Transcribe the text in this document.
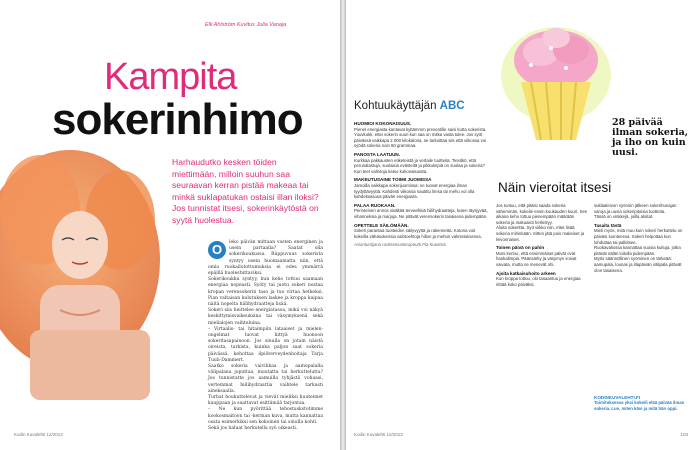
Elli Ahlström Kuvitus Julia Vanaja
Kampita
sokerinhimo
Harhaudutko kesken töiden miettimään, milloin suuhun saa seuraavan kerran pistää makeaa tai minkä suklapatukan ostaisi illan iloksi? Jos tunnistat itsesi, sokerinkäytöstä on syytä huolestua.
O	leko päivän mittaan vasten energinen ja usein partaalla? Saatat olla sokerikoukussa. Riippuvuus sokerista syntyy usein huomaamatta niin, että omia ruokailutottumuksia ei edes ymmärrä epäillä huolestuttaviksi.

Sokerikoukku syntyy, kun keho tottuu saamaan energiaa nopeasti. Syöty tai juotu sokeri nostaa kropan verensokerin taso ja tuo virtaa hetkeksi. Pian valtaisan kulutuksen laskee ja kroppa kaipaa näitä nopeita hiilihydraatteja lisää.

Sokeri siis heittelee energiatasoa, mikä voi näkyä keskittymisvaikeuksina tai väsymyksenä sekä mielialojen vaihteluina.

– Virtaalis- tai hitaimpiin lataaiset ja mielen-ongelmat luovat liittyä huonoon sokeritasapainoon. Jos sinulla on jotain näistä oireista, tarkista, kuinka paljon saat sokeria päivässä, kehottaa ilpiöterveydenhoitaja Tarja Tuuli-Dammert.

Saatko sokeria vaivihkaa ja aamupalalla välipalana joputtaa, muutatta tai herkuttelutta? Jos tunnistatte jos aamuilla tyhjästä vohaasi, vertemmat hiilihydraattia vaihtele tarkasti aineksaalla.

Turhat houkuttelevat ja vievät mieliksi huuteimet kauppaan ja saattavat esittämää tarjontaa.

– Ne kun pyörittää tehostuskstotimme kookosmaitoon tai -kerman kuva, mutta kannattaa osata esimerkiksi sen kokoinen tai sinulla kohti.

Sekä jos haluat herkutella syö oikeasti.

Kodin Kuvalehti 12/2013
Kohtuukäyttäjän ABC
HUOMIOI KOKONAISUUS.

Pienet energiasta kantavat kyltämmm presentille saisi kutta sokerista. Yuuvkokk, ettei sokerin suuri kun saa on mitka vasta tulee. Jos syöt päivässä vaikkapa 2 000 kilokaloria, se tarkoittaa siis että viikossa voi syödä sokeria noin 50 grammaa.

PANOSTA LAATUUN.

Kurkkaa pakkausten etiketeistä ja vertaile tuotteita. Tiesitkö, että perunalastuja, suolaisia evästeitä ja pikkuleipiä on suolaa ja sokeria? Kun teet valintoja katso kokonaisuutta.

MAKEUTUSAINE TOIMII JUOMISSA

Jamoilla vaikkapa sokerijuomissa: ne tuovat energiaa ilman tyydyttävyyttä. Kahdesti viikossa nautittu limsa tai mehu voi olla kahdeksasosa päivän energiasta.

PALAA RUOKAAN.

Perinteinen annos sisältää terveellisiä hiilihydraatteja, kuten täysjyvää, vihanneksia ja marjoja. Ne pitävät verensokerin tasaisena pidempään.

OPETTELE SÄILÖMÄÄN.

Sokeri parantaa tuotteiden säilyvyyttä ja rakennetta. Kotona voit kokeilla vähäsokerisia vaihtoehtoja hillon ja mehun valmistuksessa.

Asiantuntijana ravitsemusterapeutti Pia Kuusisto

28 päivää ilman sokeria, ja iho on kuin uusi.
Näin vieroitat itsesi

Jos tuntuu, että pitäisi saada sokeria vähemmän, kokeile ensin kuukauden kuuri. Sen aikana keho tottuu pienempään määrään sokeria ja makuaisti herkistyy.

Aloita sokeritta. Syö viikko niin, ettet lisää sokeria mihinkään. Sitten jätä pois makeiset ja leivonnaiset.

Toinen päivä on pahin

Moni kertoo, että ensimmäiset päivät ovat hankalimpia. Päänsärky ja väsymys voivat vaivata, mutta ne menevät ohi.

Ajoita katkaisuhoito arkeen

Kun kroppa tottuu, olo tasaantuu ja energiaa riittää koko päiväksi.

suklaaleivon syönnin jälkeen sokerihunajan varoja ja uusia sokeripitoisia tuotteita.

Tässä on vinkkejä, joilla aloitat.

Tasaita tästä

Mieti myös, mitä muu kuin sokeri herkuttelu on päiväsi luonteessa. Sokeri helpottaa kun lohduttaa tai palkitsee.

Ruokavaliossa kannattaa suosia kuituja, jotka pitävät nälän loitolla pidempään.

Myös säännöllinen syöminen on tärkeää: aamupala, lounas ja iltapäivän välipala pitävät olon tasaisena.

KODINKUVALEHTI.FI
Toimituksessa yksi kokeili elää päivää ilman sokeria. Lue, miten kävi ja mitä hän oppi.
Kodin Kuvalehti 12/2013	103
